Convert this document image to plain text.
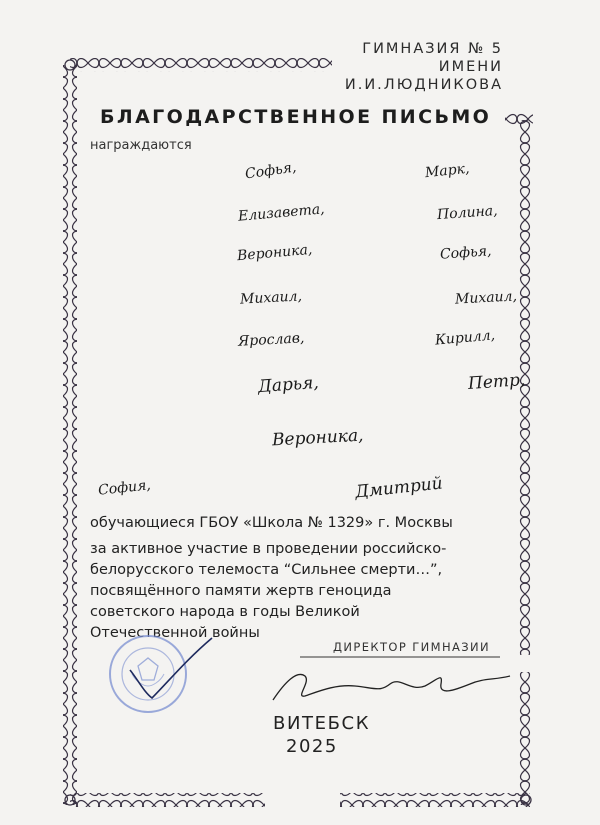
ГИМНАЗИЯ № 5
ИМЕНИ
И.И.ЛЮДНИКОВА
БЛАГОДАРСТВЕННОЕ ПИСЬМО
награждаются
Софья,	Марк,
Елизавета,	Полина,
Вероника,	Софья,
Михаил,	Михаил,
Ярослав,	Кирилл,
Дарья,	Петр,
Вероника,
София,	Дмитрий
обучающиеся ГБОУ «Школа № 1329» г. Москвы
за активное участие в проведении российско-
белорусского телемоста “Сильнее смерти…”,
посвящённого памяти жертв геноцида
советского народа в годы Великой
Отечественной войны
ДИРЕКТОР ГИМНАЗИИ
ВИТЕБСК
2025
